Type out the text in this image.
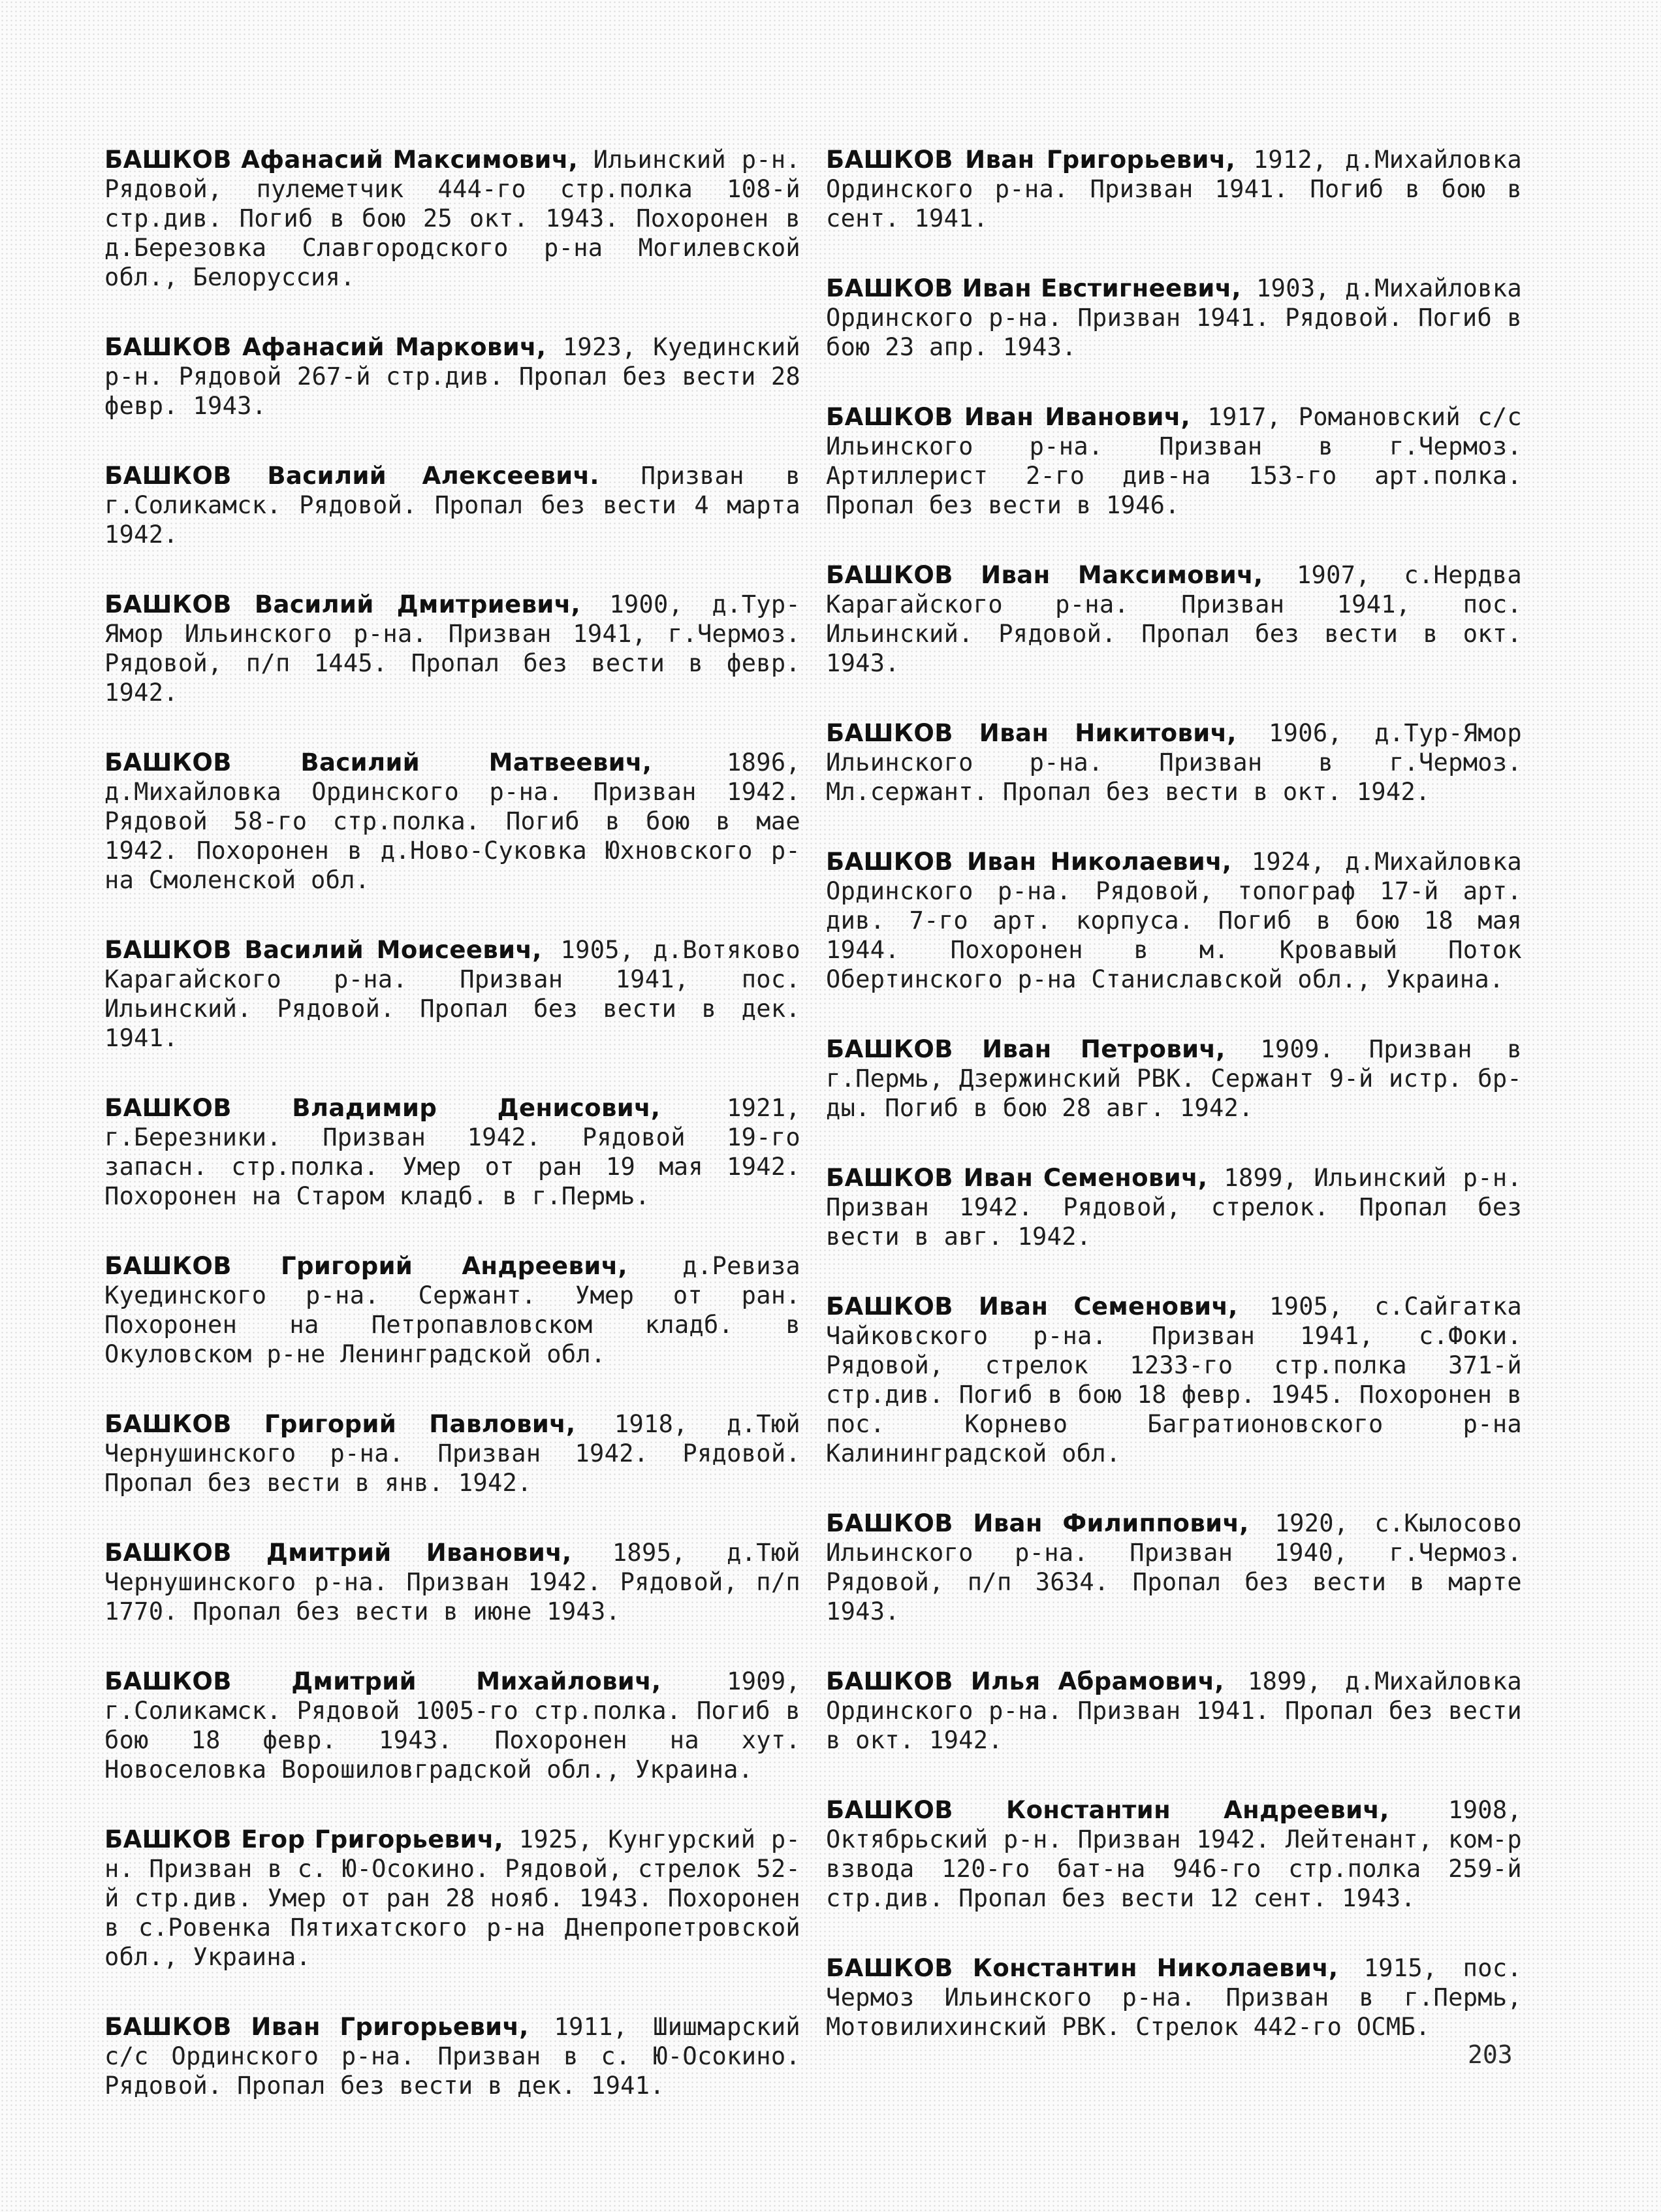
БАШКОВ Афанасий Максимович, Ильинский р-н. Рядовой, пулеметчик 444-го стр.полка 108-й стр.див. Погиб в бою 25 окт. 1943. Похоронен в д.Березовка Славгородского р-на Могилевской обл., Белоруссия.

БАШКОВ Афанасий Маркович, 1923, Куединский р-н. Рядовой 267-й стр.див. Пропал без вести 28 февр. 1943.

БАШКОВ Василий Алексеевич. Призван в г.Соликамск. Рядовой. Пропал без вести 4 марта 1942.

БАШКОВ Василий Дмитриевич, 1900, д.Тур-Ямор Ильинского р-на. Призван 1941, г.Чермоз. Рядовой, п/п 1445. Пропал без вести в февр. 1942.

БАШКОВ Василий Матвеевич, 1896, д.Михайловка Ординского р-на. Призван 1942. Рядовой 58-го стр.полка. Погиб в бою в мае 1942. Похоронен в д.Ново-Суковка Юхновского р-на Смоленской обл.

БАШКОВ Василий Моисеевич, 1905, д.Вотяково Карагайского р-на. Призван 1941, пос. Ильинский. Рядовой. Пропал без вести в дек. 1941.

БАШКОВ Владимир Денисович, 1921, г.Березники. Призван 1942. Рядовой 19-го запасн. стр.полка. Умер от ран 19 мая 1942. Похоронен на Старом кладб. в г.Пермь.

БАШКОВ Григорий Андреевич, д.Ревиза Куединского р-на. Сержант. Умер от ран. Похоронен на Петропавловском кладб. в Окуловском р-не Ленинградской обл.

БАШКОВ Григорий Павлович, 1918, д.Тюй Чернушинского р-на. Призван 1942. Рядовой. Пропал без вести в янв. 1942.

БАШКОВ Дмитрий Иванович, 1895, д.Тюй Чернушинского р-на. Призван 1942. Рядовой, п/п 1770. Пропал без вести в июне 1943.

БАШКОВ Дмитрий Михайлович, 1909, г.Соликамск. Рядовой 1005-го стр.полка. Погиб в бою 18 февр. 1943. Похоронен на хут. Новоселовка Ворошиловградской обл., Украина.

БАШКОВ Егор Григорьевич, 1925, Кунгурский р-н. Призван в с. Ю-Осокино. Рядовой, стрелок 52-й стр.див. Умер от ран 28 нояб. 1943. Похоронен в с.Ровенка Пятихатского р-на Днепропетровской обл., Украина.

БАШКОВ Иван Григорьевич, 1911, Шишмарский с/с Ординского р-на. Призван в с. Ю-Осокино. Рядовой. Пропал без вести в дек. 1941.

БАШКОВ Иван Григорьевич, 1912, д.Михайловка Ординского р-на. Призван 1941. Погиб в бою в сент. 1941.

БАШКОВ Иван Евстигнеевич, 1903, д.Михайловка Ординского р-на. Призван 1941. Рядовой. Погиб в бою 23 апр. 1943.

БАШКОВ Иван Иванович, 1917, Романовский с/с Ильинского р-на. Призван в г.Чермоз. Артиллерист 2-го див-на 153-го арт.полка. Пропал без вести в 1946.

БАШКОВ Иван Максимович, 1907, с.Нердва Карагайского р-на. Призван 1941, пос. Ильинский. Рядовой. Пропал без вести в окт. 1943.

БАШКОВ Иван Никитович, 1906, д.Тур-Ямор Ильинского р-на. Призван в г.Чермоз. Мл.сержант. Пропал без вести в окт. 1942.

БАШКОВ Иван Николаевич, 1924, д.Михайловка Ординского р-на. Рядовой, топограф 17-й арт. див. 7-го арт. корпуса. Погиб в бою 18 мая 1944. Похоронен в м. Кровавый Поток Обертинского р-на Станиславской обл., Украина.

БАШКОВ Иван Петрович, 1909. Призван в г.Пермь, Дзержинский РВК. Сержант 9-й истр. бр-ды. Погиб в бою 28 авг. 1942.

БАШКОВ Иван Семенович, 1899, Ильинский р-н. Призван 1942. Рядовой, стрелок. Пропал без вести в авг. 1942.

БАШКОВ Иван Семенович, 1905, с.Сайгатка Чайковского р-на. Призван 1941, с.Фоки. Рядовой, стрелок 1233-го стр.полка 371-й стр.див. Погиб в бою 18 февр. 1945. Похоронен в пос. Корнево Багратионовского р-на Калининградской обл.

БАШКОВ Иван Филиппович, 1920, с.Кылосово Ильинского р-на. Призван 1940, г.Чермоз. Рядовой, п/п 3634. Пропал без вести в марте 1943.

БАШКОВ Илья Абрамович, 1899, д.Михайловка Ординского р-на. Призван 1941. Пропал без вести в окт. 1942.

БАШКОВ Константин Андреевич, 1908, Октябрьский р-н. Призван 1942. Лейтенант, ком-р взвода 120-го бат-на 946-го стр.полка 259-й стр.див. Пропал без вести 12 сент. 1943.

БАШКОВ Константин Николаевич, 1915, пос. Чермоз Ильинского р-на. Призван в г.Пермь, Мотовилихинский РВК. Стрелок 442-го ОСМБ.

203
